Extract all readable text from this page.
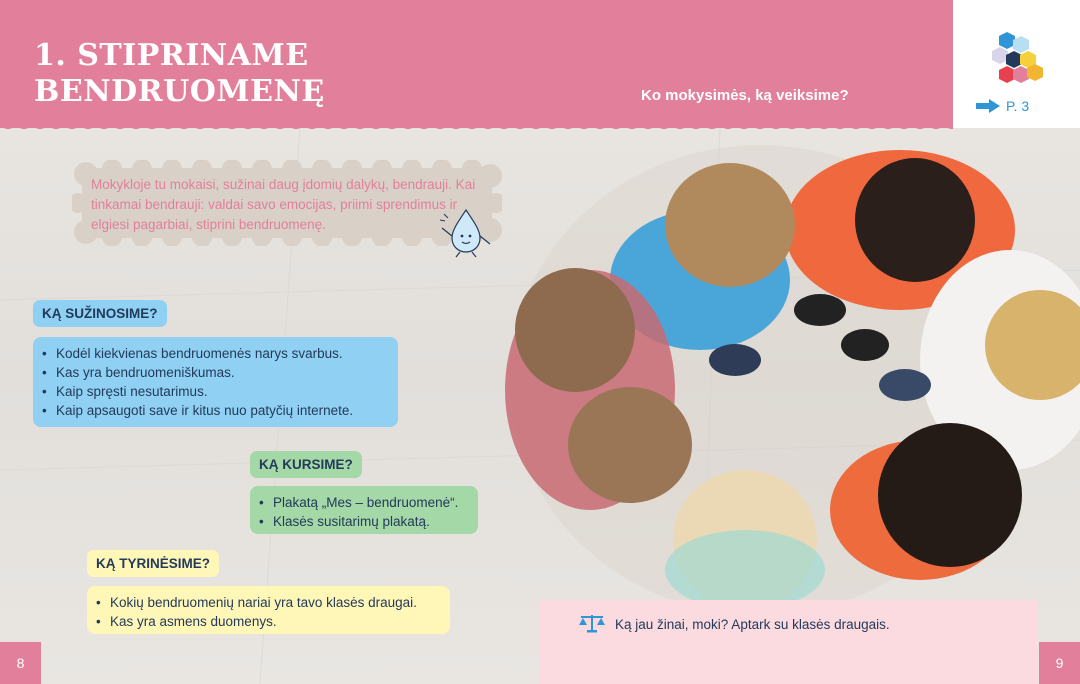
1. STIPRINAME
BENDRUOMENĘ	Ko mokysimės, ką veiksime?
P. 3
Mokykloje tu mokaisi, sužinai daug įdomių dalykų, bendrauji. Kai tinkamai bendrauji: valdai savo emocijas, priimi sprendimus ir elgiesi pagarbiai, stiprini bendruomenę.
KĄ SUŽINOSIME?
• Kodėl kiekvienas bendruomenės narys svarbus.
• Kas yra bendruomeniškumas.
• Kaip spręsti nesutarimus.
• Kaip apsaugoti save ir kitus nuo patyčių internete.
KĄ KURSIME?
• Plakatą „Mes – bendruomenė“.
• Klasės susitarimų plakatą.
KĄ TYRINĖSIME?
• Kokių bendruomenių nariai yra tavo klasės draugai.
• Kas yra asmens duomenys.	Ką jau žinai, moki? Aptark su klasės draugais.
8	9
